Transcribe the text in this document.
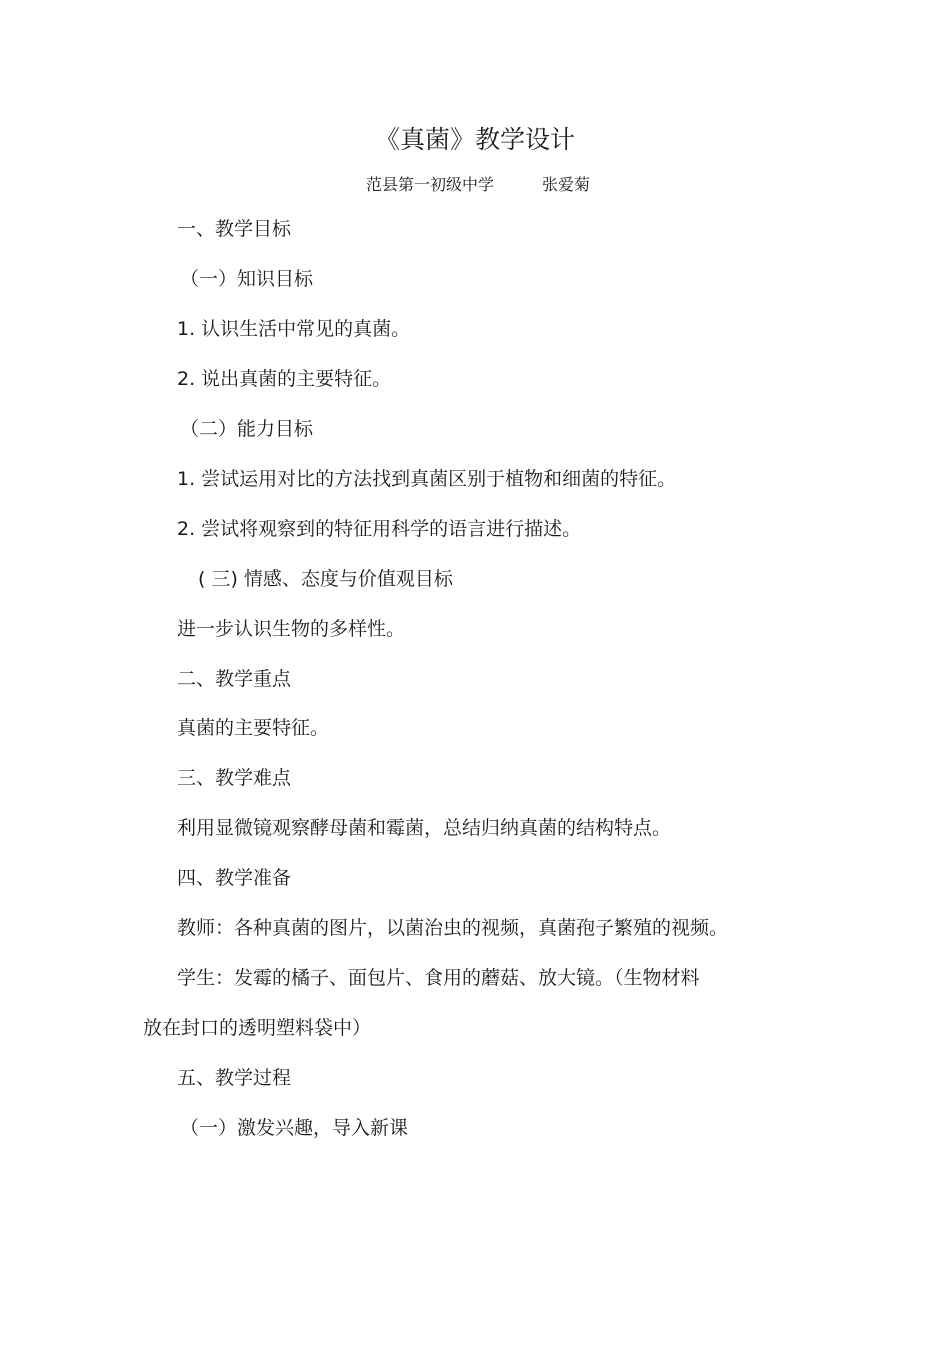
《真菌》教学设计
范县第一初级中学	张爱菊
一、教学目标
（一）知识目标
1. 认识生活中常见的真菌。
2. 说出真菌的主要特征。
（二）能力目标
1. 尝试运用对比的方法找到真菌区别于植物和细菌的特征。
2. 尝试将观察到的特征用科学的语言进行描述。
( 三) 情感、态度与价值观目标
进一步认识生物的多样性。
二、教学重点
真菌的主要特征。
三、教学难点
利用显微镜观察酵母菌和霉菌，总结归纳真菌的结构特点。
四、教学准备
教师：各种真菌的图片，以菌治虫的视频，真菌孢子繁殖的视频。
学生：发霉的橘子、面包片、食用的蘑菇、放大镜。（生物材料
放在封口的透明塑料袋中）
五、教学过程
（一）激发兴趣，导入新课
